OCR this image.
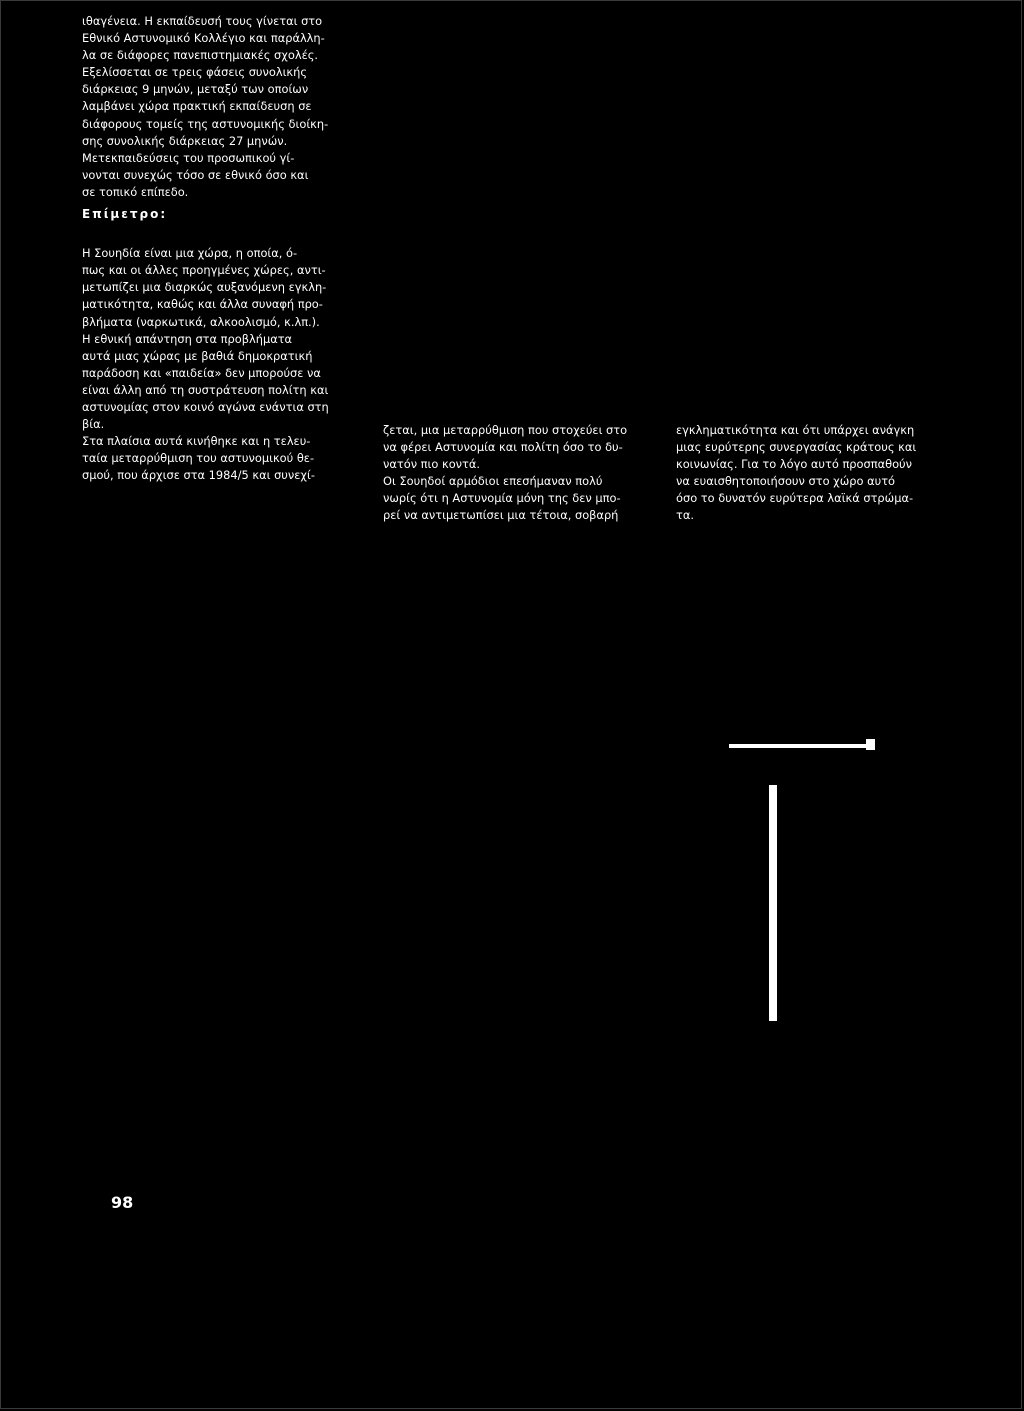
ιθαγένεια. Η εκπαίδευσή τους γίνεται στο
Εθνικό Αστυνομικό Κολλέγιο και παράλλη-
λα σε διάφορες πανεπιστημιακές σχολές.
Εξελίσσεται σε τρεις φάσεις συνολικής
διάρκειας 9 μηνών, μεταξύ των οποίων
λαμβάνει χώρα πρακτική εκπαίδευση σε
διάφορους τομείς της αστυνομικής διοίκη-
σης συνολικής διάρκειας 27 μηνών.

Μετεκπαιδεύσεις του προσωπικού γί-
νονται συνεχώς τόσο σε εθνικό όσο και
σε τοπικό επίπεδο.

Επίμετρο:

Η Σουηδία είναι μια χώρα, η οποία, ό-
πως και οι άλλες προηγμένες χώρες, αντι-
μετωπίζει μια διαρκώς αυξανόμενη εγκλη-
ματικότητα, καθώς και άλλα συναφή προ-
βλήματα (ναρκωτικά, αλκοολισμό, κ.λπ.).

Η εθνική απάντηση στα προβλήματα
αυτά μιας χώρας με βαθιά δημοκρατική
παράδοση και «παιδεία» δεν μπορούσε να
είναι άλλη από τη συστράτευση πολίτη και
αστυνομίας στον κοινό αγώνα ενάντια στη
βία.

Στα πλαίσια αυτά κινήθηκε και η τελευ-
ταία μεταρρύθμιση του αστυνομικού θε-
σμού, που άρχισε στα 1984/5 και συνεχί-

ζεται, μια μεταρρύθμιση που στοχεύει στο
να φέρει Αστυνομία και πολίτη όσο το δυ-
νατόν πιο κοντά.

Οι Σουηδοί αρμόδιοι επεσήμαναν πολύ
νωρίς ότι η Αστυνομία μόνη της δεν μπο-
ρεί να αντιμετωπίσει μια τέτοια, σοβαρή

εγκληματικότητα και ότι υπάρχει ανάγκη
μιας ευρύτερης συνεργασίας κράτους και
κοινωνίας. Για το λόγο αυτό προσπαθούν
να ευαισθητοποιήσουν στο χώρο αυτό
όσο το δυνατόν ευρύτερα λαϊκά στρώμα-
τα.

98
